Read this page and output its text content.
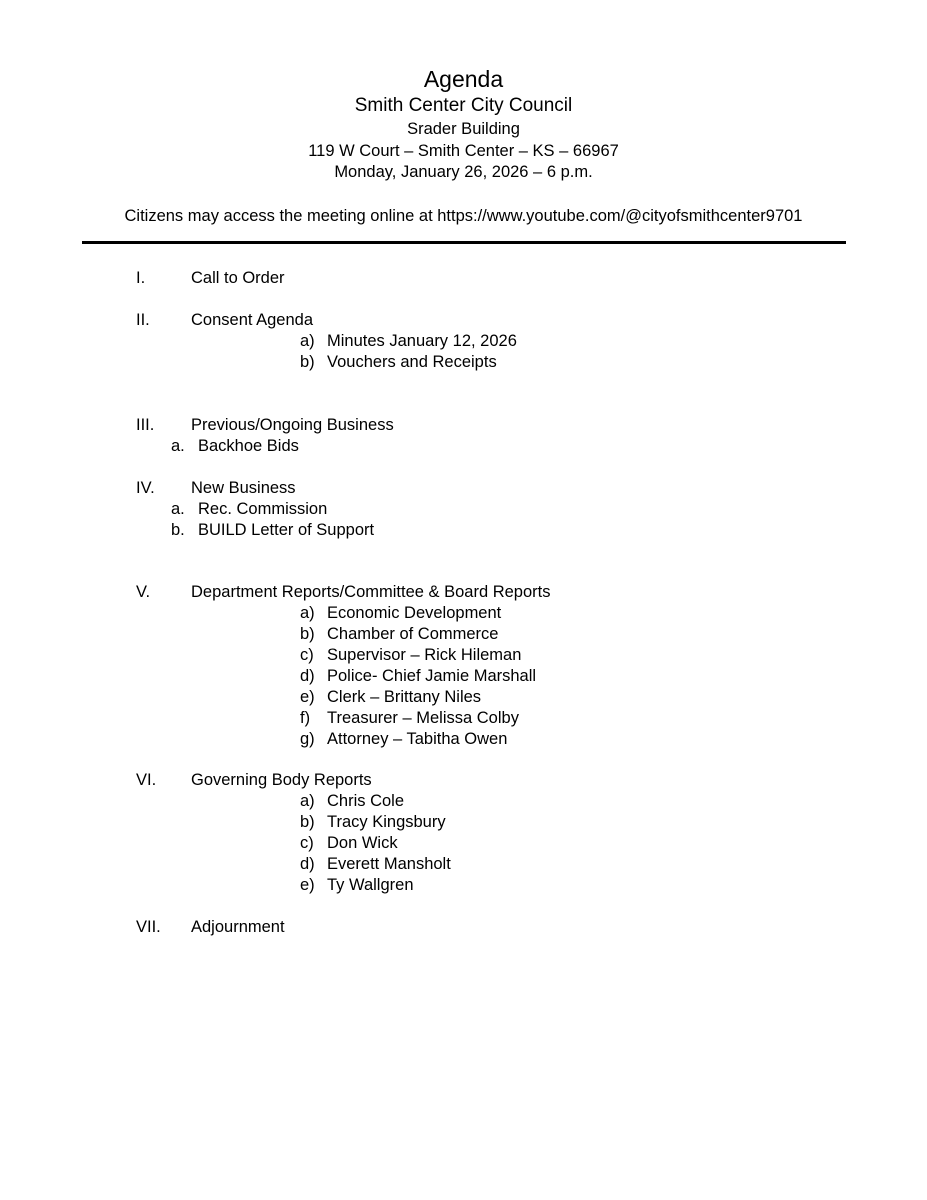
Agenda
Smith Center City Council
Srader Building
119 W Court – Smith Center – KS – 66967
Monday, January 26, 2026 – 6 p.m.
Citizens may access the meeting online at https://www.youtube.com/@cityofsmithcenter9701
I.	Call to Order
II. Consent Agenda
a) Minutes January 12, 2026
b) Vouchers and Receipts
III. Previous/Ongoing Business
a. Backhoe Bids
IV. New Business
a. Rec. Commission
b. BUILD Letter of Support
V. Department Reports/Committee & Board Reports
a) Economic Development
b) Chamber of Commerce
c) Supervisor – Rick Hileman
d) Police- Chief Jamie Marshall
e) Clerk – Brittany Niles
f) Treasurer – Melissa Colby
g) Attorney – Tabitha Owen
VI. Governing Body Reports
a) Chris Cole
b) Tracy Kingsbury
c) Don Wick
d) Everett Mansholt
e) Ty Wallgren
VII. Adjournment
